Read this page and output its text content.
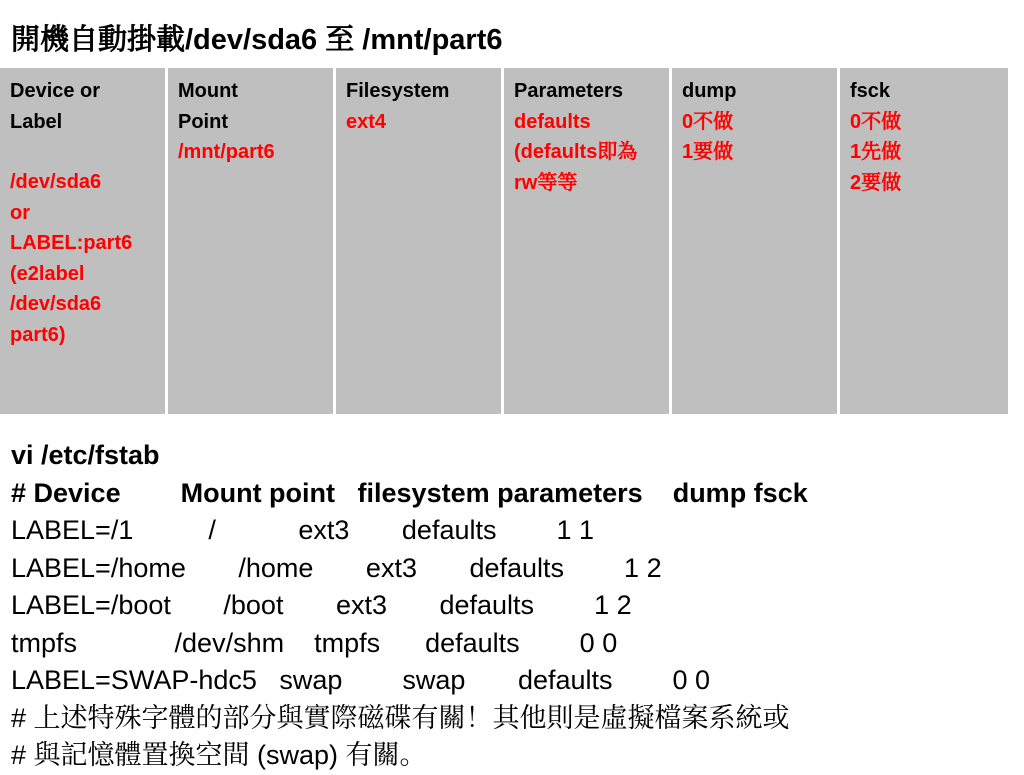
開機自動掛載/dev/sda6 至 /mnt/part6
Device or
Label
/dev/sda6
or
LABEL:part6
(e2label
/dev/sda6
part6)
Mount
Point
/mnt/part6
Filesystem
ext4
Parameters
defaults
(defaults即為
rw等等
dump
0不做
1要做
fsck
0不做
1先做
2要做
vi /etc/fstab
# Device        Mount point   filesystem parameters    dump fsck
LABEL=/1          /           ext3       defaults        1 1
LABEL=/home       /home       ext3       defaults        1 2
LABEL=/boot       /boot       ext3       defaults        1 2
tmpfs             /dev/shm    tmpfs      defaults        0 0
LABEL=SWAP-hdc5   swap        swap       defaults        0 0
# 上述特殊字體的部分與實際磁碟有關！其他則是虛擬檔案系統或
# 與記憶體置換空間 (swap) 有關。
